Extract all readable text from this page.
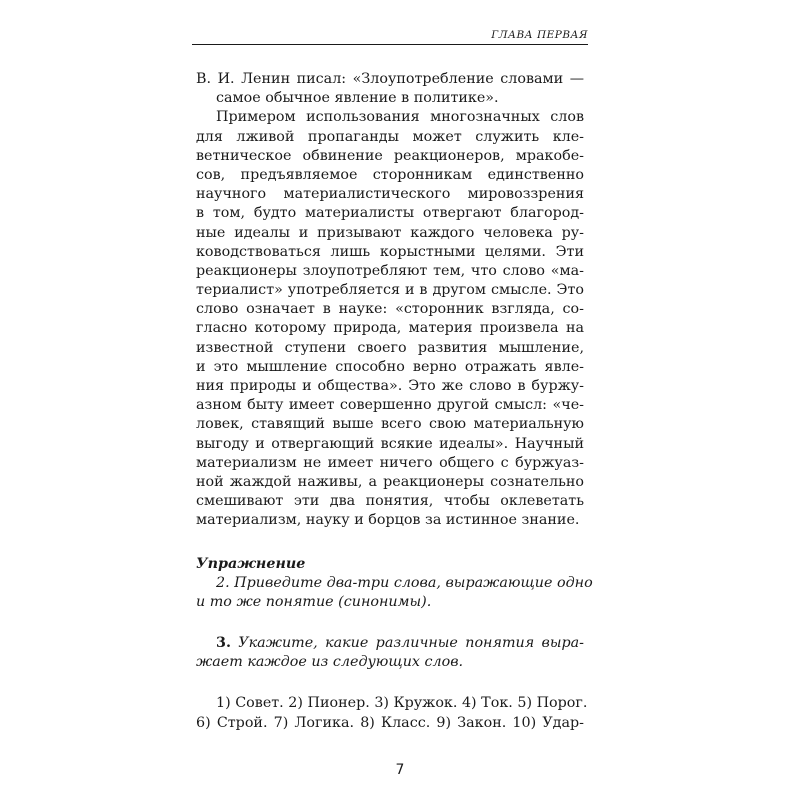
ГЛАВА ПЕРВАЯ
В. И. Ленин писал: «Злоупотребление словами —
самое обычное явление в политике».
Примером использования многозначных слов
для лживой пропаганды может служить кле-
ветническое обвинение реакционеров, мракобе-
сов, предъявляемое сторонникам единственно
научного материалистического мировоззрения
в том, будто материалисты отвергают благород-
ные идеалы и призывают каждого человека ру-
ководствоваться лишь корыстными целями. Эти
реакционеры злоупотребляют тем, что слово «ма-
териалист» употребляется и в другом смысле. Это
слово означает в науке: «сторонник взгляда, со-
гласно которому природа, материя произвела на
известной ступени своего развития мышление,
и это мышление способно верно отражать явле-
ния природы и общества». Это же слово в буржу-
азном быту имеет совершенно другой смысл: «че-
ловек, ставящий выше всего свою материальную
выгоду и отвергающий всякие идеалы». Научный
материализм не имеет ничего общего с буржуаз-
ной жаждой наживы, а реакционеры сознательно
смешивают эти два понятия, чтобы оклеветать
материализм, науку и борцов за истинное знание.
Упражнение
2. Приведите два-три слова, выражающие одно
и то же понятие (синонимы).
3. Укажите, какие различные понятия выра-
жает каждое из следующих слов.
1) Совет. 2) Пионер. 3) Кружок. 4) Ток. 5) Порог.
6) Строй. 7) Логика. 8) Класс. 9) Закон. 10) Удар-
7
